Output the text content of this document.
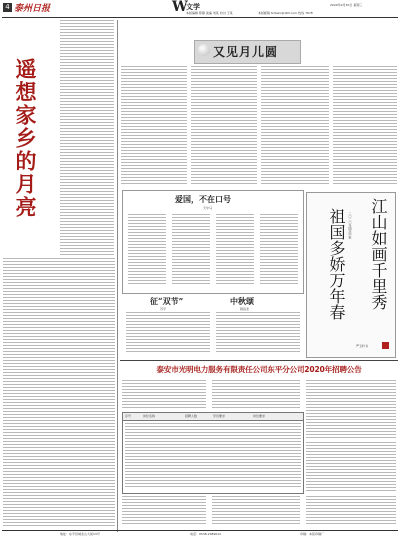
4 泰州日报	W
文学
本版编辑 陈静 美编 刘某 校对 王某
2020年9月30日 星期三
本版邮箱 tzrbwx@163.com 热线 7678
遥想家乡的月亮
又见月儿圆
爱国，不在口号
天中马
征“双节”
苏平
中秋颂
顾昌龙	江山如画千里秀
祖国多娇万年春 二〇二〇年国庆中秋
严玉轩书
泰安市光明电力服务有限责任公司东平分公司2020年招聘公告
序号	岗位名称	招聘人数	学历要求	岗位要求
地址：东平县城龙山大街13号	电话：0538-2389012	印刷：本报印刷厂
